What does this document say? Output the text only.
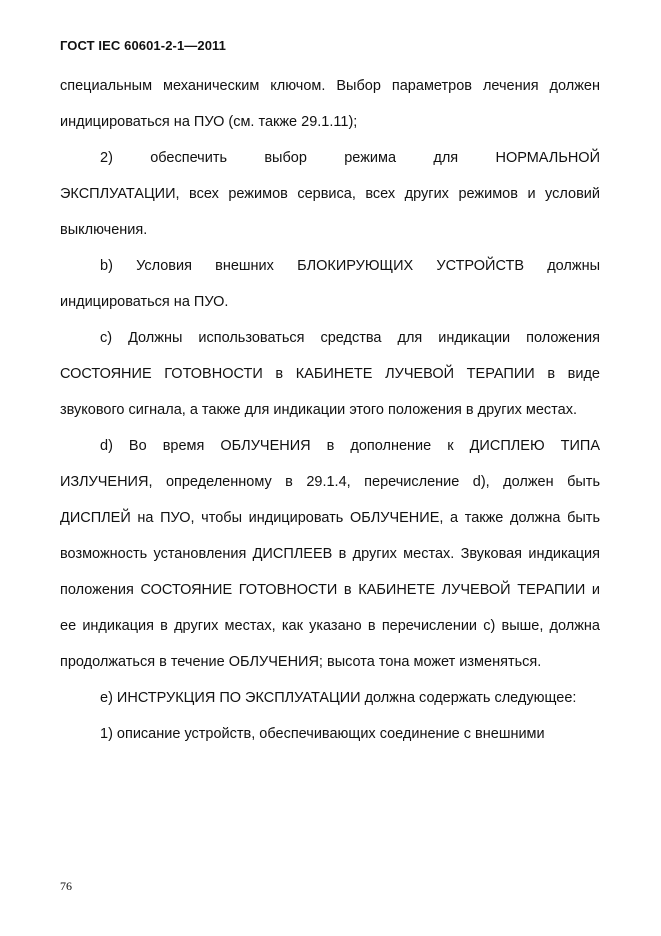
ГОСТ IEC 60601-2-1—2011

специальным механическим ключом. Выбор параметров лечения должен индицироваться на ПУО (см. также 29.1.11);

2)  обеспечить  выбор  режима  для  НОРМАЛЬНОЙ ЭКСПЛУАТАЦИИ, всех режимов сервиса, всех других режимов и условий выключения.

b) Условия внешних БЛОКИРУЮЩИХ УСТРОЙСТВ должны индицироваться на ПУО.

c) Должны использоваться средства для индикации положения СОСТОЯНИЕ ГОТОВНОСТИ в КАБИНЕТЕ ЛУЧЕВОЙ ТЕРАПИИ в виде звукового сигнала, а также для индикации этого положения в других местах.

d) Во время ОБЛУЧЕНИЯ в дополнение к ДИСПЛЕЮ ТИПА ИЗЛУЧЕНИЯ, определенному в 29.1.4, перечисление d), должен быть ДИСПЛЕЙ на ПУО, чтобы индицировать ОБЛУЧЕНИЕ, а также должна быть возможность установления ДИСПЛЕЕВ в других местах. Звуковая индикация положения СОСТОЯНИЕ ГОТОВНОСТИ в КАБИНЕТЕ ЛУЧЕВОЙ ТЕРАПИИ и ее индикация в других местах, как указано в перечислении c) выше, должна продолжаться в течение ОБЛУЧЕНИЯ; высота тона может изменяться.

e) ИНСТРУКЦИЯ ПО ЭКСПЛУАТАЦИИ должна содержать следующее:

1) описание устройств, обеспечивающих соединение с внешними

76
